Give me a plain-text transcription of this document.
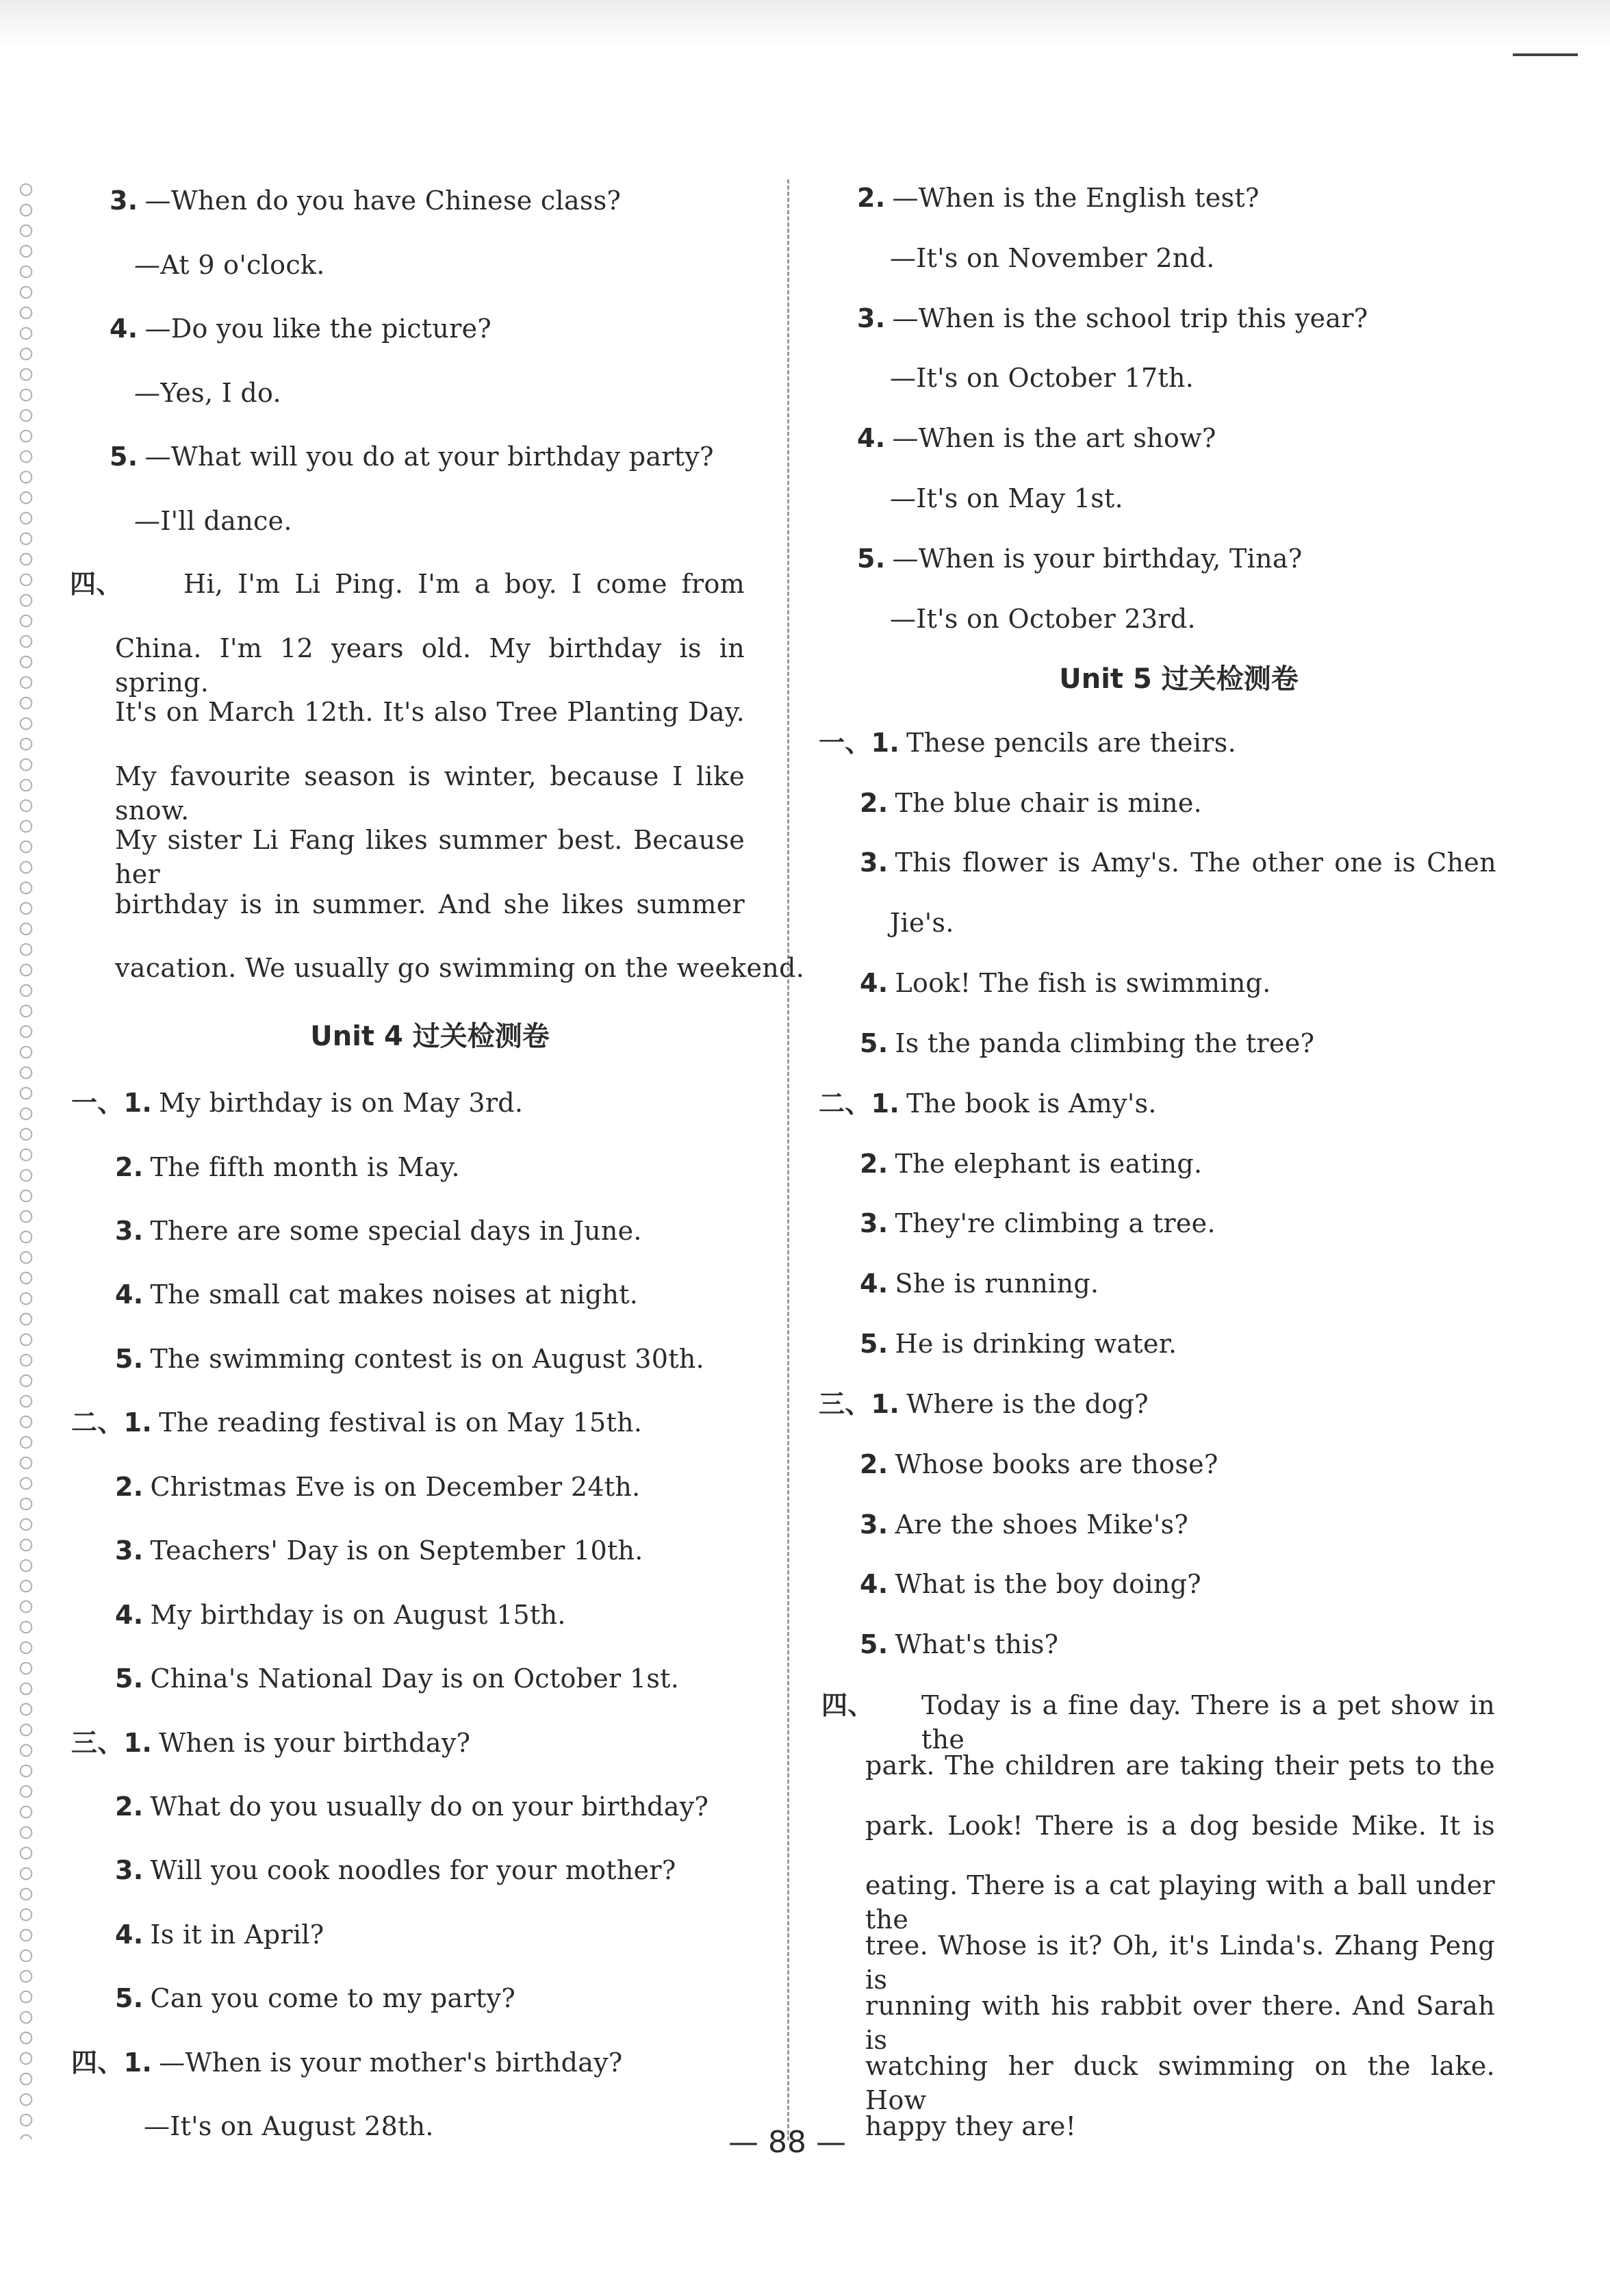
3. —When do you have Chinese class?
—At 9 o'clock.
4. —Do you like the picture?
—Yes, I do.
5. —What will you do at your birthday party?
—I'll dance.
Hi, I'm Li Ping. I'm a boy. I come from
China. I'm 12 years old. My birthday is in spring.
It's on March 12th. It's also Tree Planting Day.
My favourite season is winter, because I like snow.
My sister Li Fang likes summer best. Because her
birthday is in summer. And she likes summer
vacation. We usually go swimming on the weekend.
四、
Unit 4 过关检测卷
一、1. My birthday is on May 3rd.
2. The fifth month is May.
3. There are some special days in June.
4. The small cat makes noises at night.
5. The swimming contest is on August 30th.
二、1. The reading festival is on May 15th.
2. Christmas Eve is on December 24th.
3. Teachers' Day is on September 10th.
4. My birthday is on August 15th.
5. China's National Day is on October 1st.
三、1. When is your birthday?
2. What do you usually do on your birthday?
3. Will you cook noodles for your mother?
4. Is it in April?
5. Can you come to my party?
四、1. —When is your mother's birthday?
—It's on August 28th.
2. —When is the English test?
—It's on November 2nd.
3. —When is the school trip this year?
—It's on October 17th.
4. —When is the art show?
—It's on May 1st.
5. —When is your birthday, Tina?
—It's on October 23rd.
Unit 5 过关检测卷
一、1. These pencils are theirs.
2. The blue chair is mine.
3. This flower is Amy's. The other one is Chen
Jie's.
4. Look! The fish is swimming.
5. Is the panda climbing the tree?
二、1. The book is Amy's.
2. The elephant is eating.
3. They're climbing a tree.
4. She is running.
5. He is drinking water.
三、1. Where is the dog?
2. Whose books are those?
3. Are the shoes Mike's?
4. What is the boy doing?
5. What's this?
Today is a fine day. There is a pet show in the
park. The children are taking their pets to the
park. Look! There is a dog beside Mike. It is
eating. There is a cat playing with a ball under the
tree. Whose is it? Oh, it's Linda's. Zhang Peng is
running with his rabbit over there. And Sarah is
watching her duck swimming on the lake. How
happy they are!
四、
— 88 —
